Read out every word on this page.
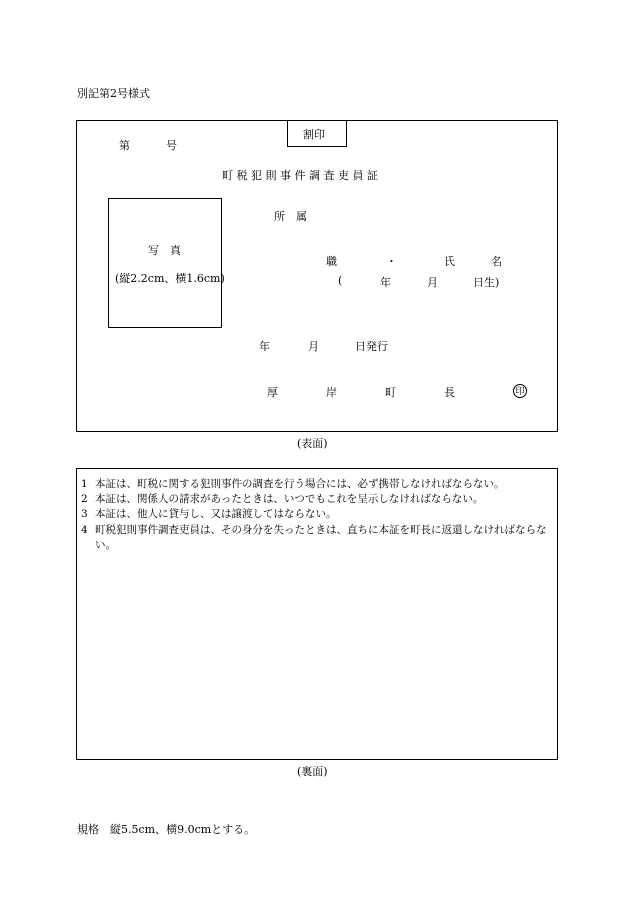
別記第2号様式
割印
第	号
町 税 犯 則 事 件 調 査 吏 員 証
写　真
(縦2.2cm、横1.6cm)
所　属
職	・	氏	名
(	年	月	日生)
年	月	日発行
厚	岸	町	長	印
(表面)
1 本証は、町税に関する犯則事件の調査を行う場合には、必ず携帯しなければならない。
2 本証は、関係人の請求があったときは、いつでもこれを呈示しなければならない。
3 本証は、他人に貸与し、又は譲渡してはならない。
4 町税犯則事件調査吏員は、その身分を失ったときは、直ちに本証を町長に返還しなければならない。
(裏面)
規格　縦5.5cm、横9.0cmとする。
